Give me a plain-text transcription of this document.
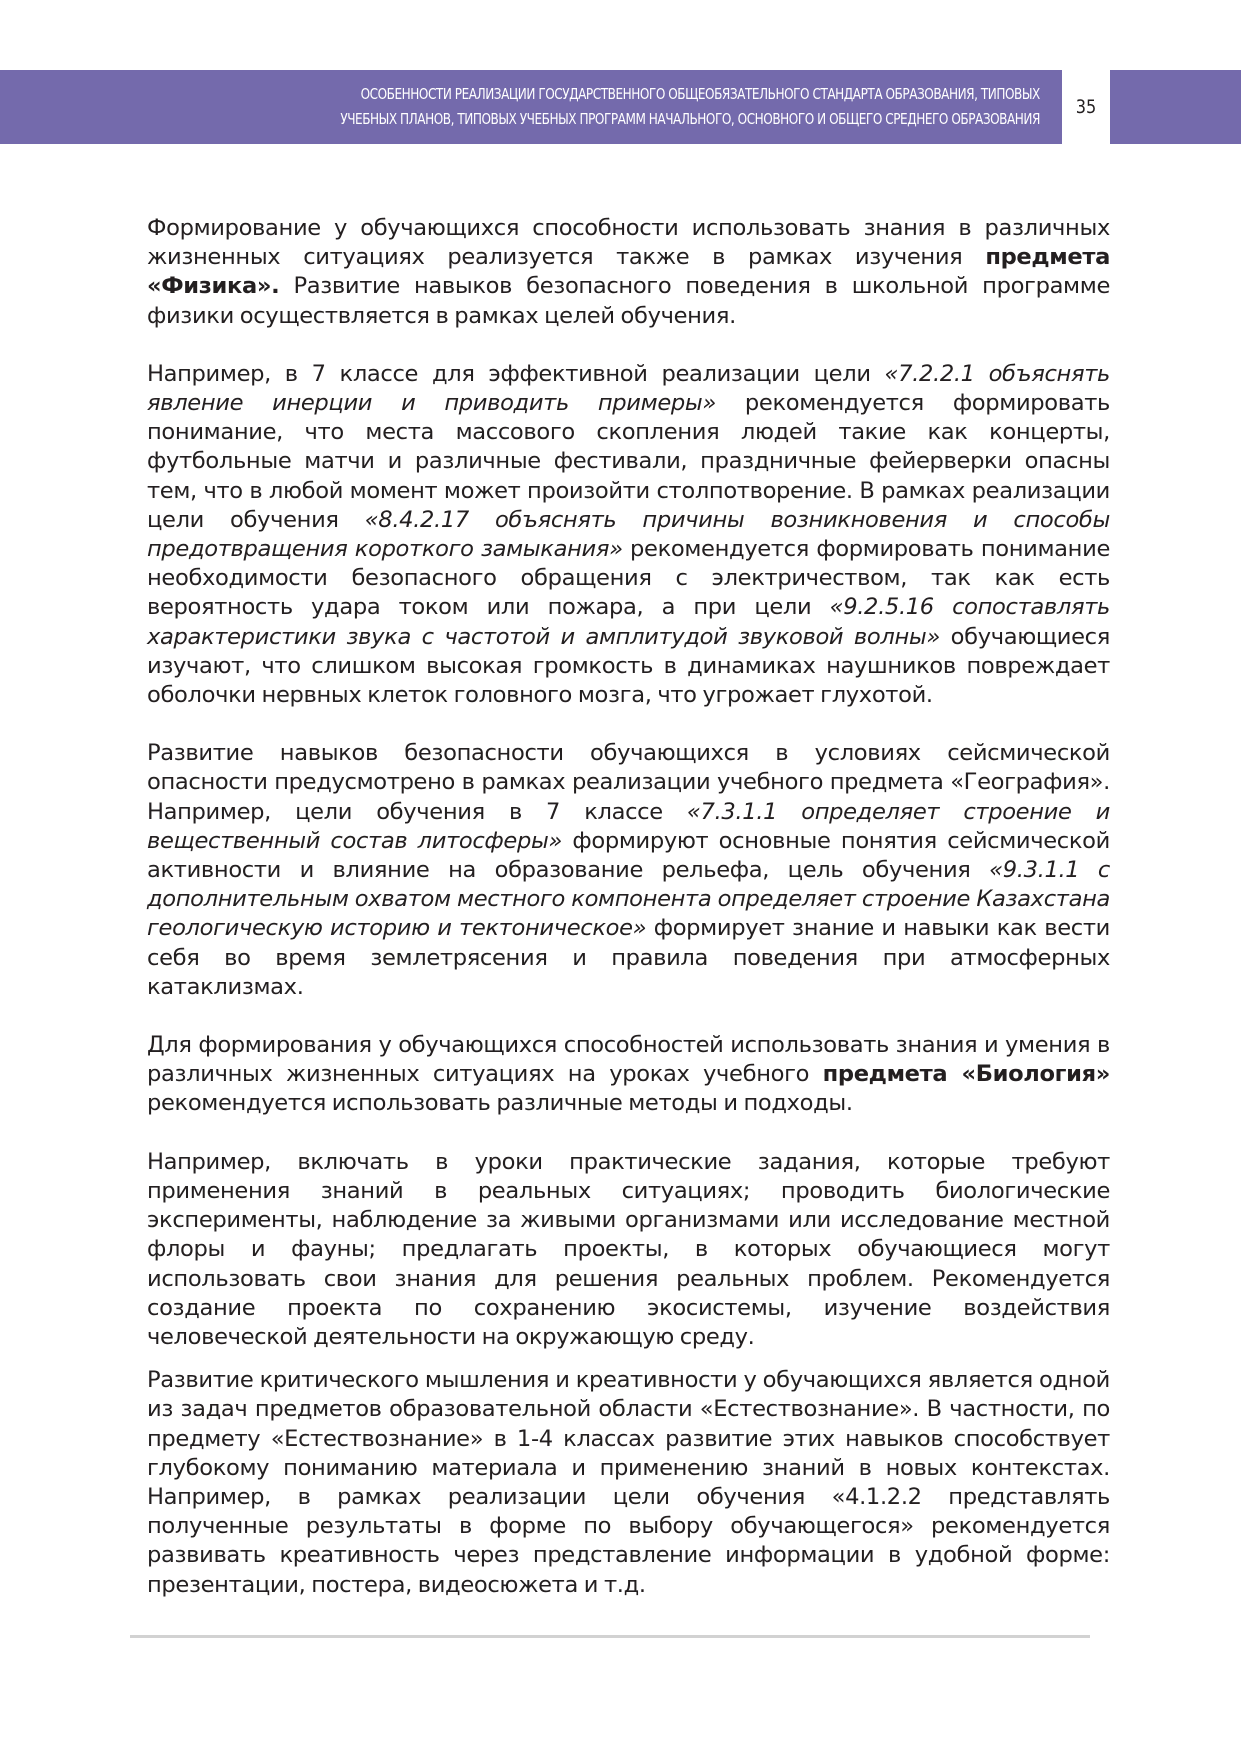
ОСОБЕННОСТИ РЕАЛИЗАЦИИ ГОСУДАРСТВЕННОГО ОБЩЕОБЯЗАТЕЛЬНОГО СТАНДАРТА ОБРАЗОВАНИЯ, ТИПОВЫХ
УЧЕБНЫХ ПЛАНОВ, ТИПОВЫХ УЧЕБНЫХ ПРОГРАММ НАЧАЛЬНОГО, ОСНОВНОГО И ОБЩЕГО СРЕДНЕГО ОБРАЗОВАНИЯ
35

Формирование у обучающихся способности использовать знания в различных жизненных ситуациях реализуется также в рамках изучения предмета «Физика». Развитие навыков безопасного поведения в школьной программе физики осуществляется в рамках целей обучения.

Например, в 7 классе для эффективной реализации цели «7.2.2.1 объяснять явление инерции и приводить примеры» рекомендуется формировать понимание, что места массового скопления людей такие как концерты, футбольные матчи и различные фестивали, праздничные фейерверки опасны тем, что в любой момент может произойти столпотворение. В рамках реализации цели обучения «8.4.2.17 объяснять причины возникновения и способы предотвращения короткого замыкания» рекомендуется формировать понимание необходимости безопасного обращения с электричеством, так как есть вероятность удара током или пожара, а при цели «9.2.5.16 сопоставлять характеристики звука с частотой и амплитудой звуковой волны» обучающиеся изучают, что слишком высокая громкость в динамиках наушников повреждает оболочки нервных клеток головного мозга, что угрожает глухотой.

Развитие навыков безопасности обучающихся в условиях сейсмической опасности предусмотрено в рамках реализации учебного предмета «География». Например, цели обучения в 7 классе «7.3.1.1 определяет строение и вещественный состав литосферы» формируют основные понятия сейсмической активности и влияние на образование рельефа, цель обучения «9.3.1.1 с дополнительным охватом местного компонента определяет строение Казахстана геологическую историю и тектоническое» формирует знание и навыки как вести себя во время землетрясения и правила поведения при атмосферных катаклизмах.

Для формирования у обучающихся способностей использовать знания и умения в различных жизненных ситуациях на уроках учебного предмета «Биология» рекомендуется использовать различные методы и подходы.

Например, включать в уроки практические задания, которые требуют применения знаний в реальных ситуациях; проводить биологические эксперименты, наблюдение за живыми организмами или исследование местной флоры и фауны; предлагать проекты, в которых обучающиеся могут использовать свои знания для решения реальных проблем. Рекомендуется создание проекта по сохранению экосистемы, изучение воздействия человеческой деятельности на окружающую среду.

Развитие критического мышления и креативности у обучающихся является одной из задач предметов образовательной области «Естествознание». В частности, по предмету «Естествознание» в 1-4 классах развитие этих навыков способствует глубокому пониманию материала и применению знаний в новых контекстах. Например, в рамках реализации цели обучения «4.1.2.2 представлять полученные результаты в форме по выбору обучающегося» рекомендуется развивать креативность через представление информации в удобной форме: презентации, постера, видеосюжета и т.д.
